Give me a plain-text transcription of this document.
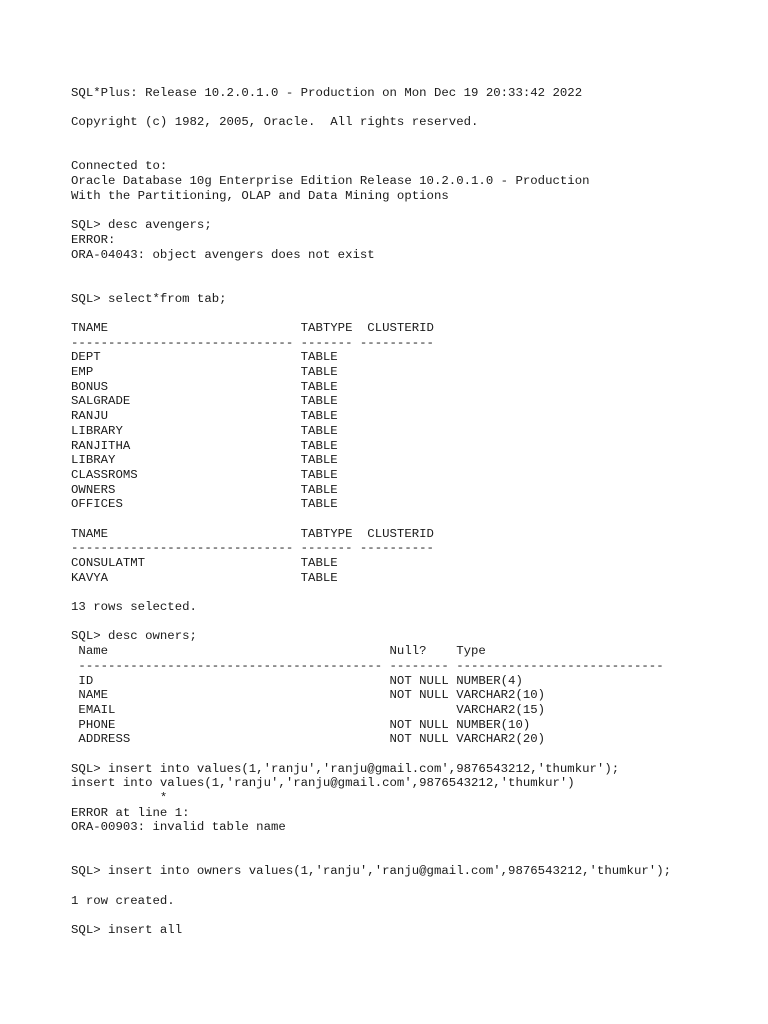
SQL*Plus: Release 10.2.0.1.0 - Production on Mon Dec 19 20:33:42 2022
Copyright (c) 1982, 2005, Oracle.  All rights reserved.
Connected to:
Oracle Database 10g Enterprise Edition Release 10.2.0.1.0 - Production
With the Partitioning, OLAP and Data Mining options
SQL> desc avengers;
ERROR:
ORA-04043: object avengers does not exist
SQL> select*from tab;
TNAME                          TABTYPE  CLUSTERID
------------------------------ ------- ----------
DEPT                           TABLE
EMP                            TABLE
BONUS                          TABLE
SALGRADE                       TABLE
RANJU                          TABLE
LIBRARY                        TABLE
RANJITHA                       TABLE
LIBRAY                         TABLE
CLASSROMS                      TABLE
OWNERS                         TABLE
OFFICES                        TABLE
TNAME                          TABTYPE  CLUSTERID
------------------------------ ------- ----------
CONSULATMT                     TABLE
KAVYA                          TABLE
13 rows selected.
SQL> desc owners;
Name                                      Null?    Type
----------------------------------------- -------- ----------------------------
ID                                        NOT NULL NUMBER(4)
NAME                                      NOT NULL VARCHAR2(10)
EMAIL                                              VARCHAR2(15)
PHONE                                     NOT NULL NUMBER(10)
ADDRESS                                   NOT NULL VARCHAR2(20)
SQL> insert into values(1,'ranju','ranju@gmail.com',9876543212,'thumkur');
insert into values(1,'ranju','ranju@gmail.com',9876543212,'thumkur')
*
ERROR at line 1:
ORA-00903: invalid table name
SQL> insert into owners values(1,'ranju','ranju@gmail.com',9876543212,'thumkur');
1 row created.
SQL> insert all
